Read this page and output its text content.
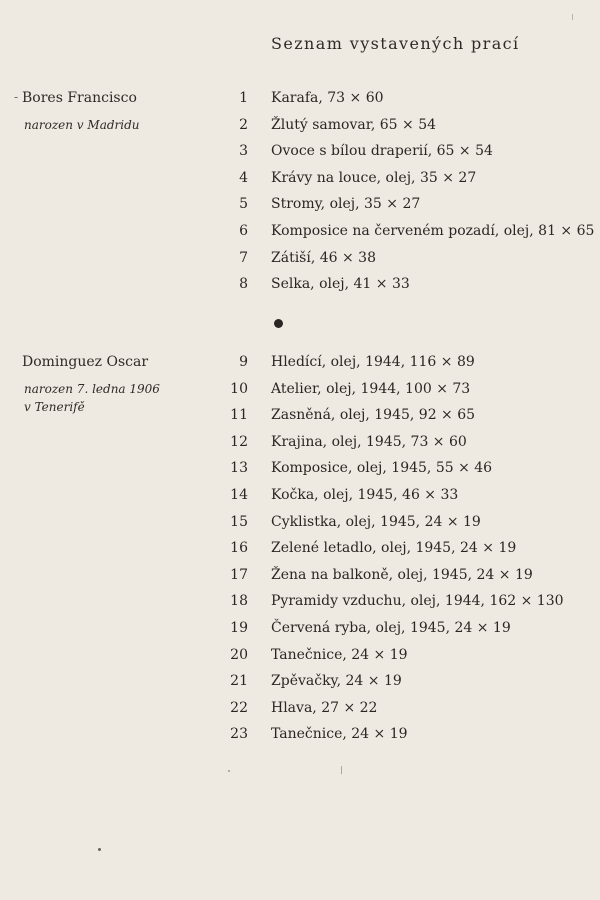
Seznam vystavených prací
- Bores Francisco
narozen v Madridu
1 Karafa, 73 × 60
2 Žlutý samovar, 65 × 54
3 Ovoce s bílou draperií, 65 × 54
4 Krávy na louce, olej, 35 × 27
5 Stromy, olej, 35 × 27
6 Komposice na červeném pozadí, olej, 81 × 65
7 Zátiší, 46 × 38
8 Selka, olej, 41 × 33
Dominguez Oscar
narozen 7. ledna 1906
v Tenerifě
9 Hledící, olej, 1944, 116 × 89
10 Atelier, olej, 1944, 100 × 73
11 Zasněná, olej, 1945, 92 × 65
12 Krajina, olej, 1945, 73 × 60
13 Komposice, olej, 1945, 55 × 46
14 Kočka, olej, 1945, 46 × 33
15 Cyklistka, olej, 1945, 24 × 19
16 Zelené letadlo, olej, 1945, 24 × 19
17 Žena na balkoně, olej, 1945, 24 × 19
18 Pyramidy vzduchu, olej, 1944, 162 × 130
19 Červená ryba, olej, 1945, 24 × 19
20 Tanečnice, 24 × 19
21 Zpěvačky, 24 × 19
22 Hlava, 27 × 22
23 Tanečnice, 24 × 19
